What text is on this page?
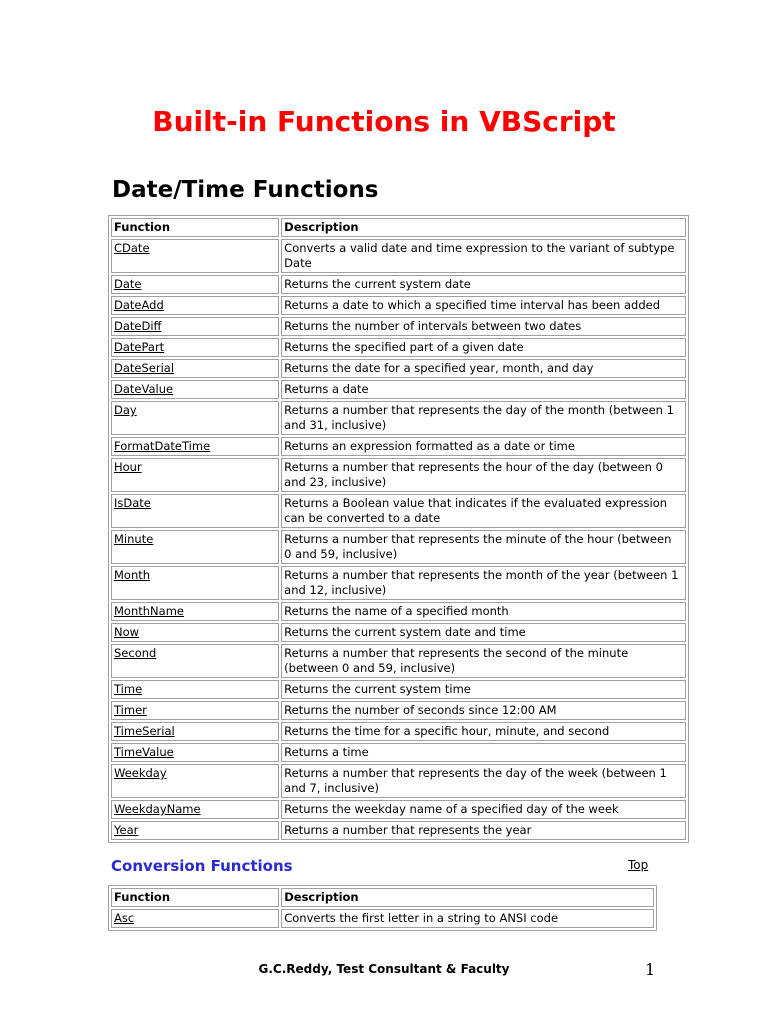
Built-in Functions in VBScript
Date/Time Functions
Function	Description
CDate	Converts a valid date and time expression to the variant of subtype Date
Date	Returns the current system date
DateAdd	Returns a date to which a specified time interval has been added
DateDiff	Returns the number of intervals between two dates
DatePart	Returns the specified part of a given date
DateSerial	Returns the date for a specified year, month, and day
DateValue	Returns a date
Day	Returns a number that represents the day of the month (between 1 and 31, inclusive)
FormatDateTime	Returns an expression formatted as a date or time
Hour	Returns a number that represents the hour of the day (between 0 and 23, inclusive)
IsDate	Returns a Boolean value that indicates if the evaluated expression can be converted to a date
Minute	Returns a number that represents the minute of the hour (between 0 and 59, inclusive)
Month	Returns a number that represents the month of the year (between 1 and 12, inclusive)
MonthName	Returns the name of a specified month
Now	Returns the current system date and time
Second	Returns a number that represents the second of the minute (between 0 and 59, inclusive)
Time	Returns the current system time
Timer	Returns the number of seconds since 12:00 AM
TimeSerial	Returns the time for a specific hour, minute, and second
TimeValue	Returns a time
Weekday	Returns a number that represents the day of the week (between 1 and 7, inclusive)
WeekdayName	Returns the weekday name of a specified day of the week
Year	Returns a number that represents the year
Conversion Functions	Top
Function	Description
Asc	Converts the first letter in a string to ANSI code
G.C.Reddy, Test Consultant & Faculty	1
